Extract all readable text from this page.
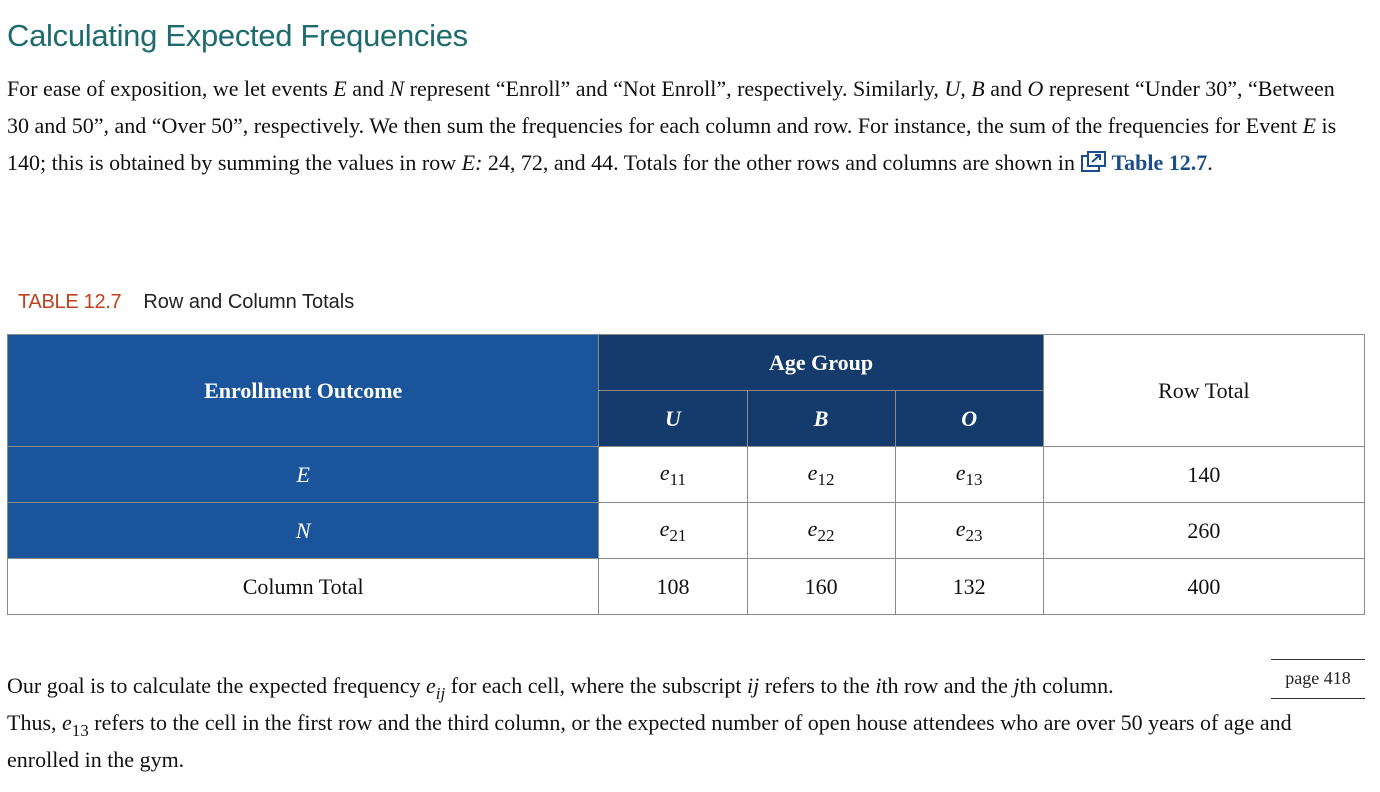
Calculating Expected Frequencies

For ease of exposition, we let events E and N represent “Enroll” and “Not Enroll”, respectively. Similarly, U, B and O represent “Under 30”, “Between 30 and 50”, and “Over 50”, respectively. We then sum the frequencies for each column and row. For instance, the sum of the frequencies for Event E is 140; this is obtained by summing the values in row E: 24, 72, and 44. Totals for the other rows and columns are shown in Table 12.7.

TABLE 12.7 Row and Column Totals
Enrollment Outcome	Age Group			Row Total
	U	B	O	
E	$e_{11}$	$e_{12}$	$e_{13}$	140
N	$e_{21}$	$e_{22}$	$e_{23}$	260
Column Total	108	160	132	400
page 418

Our goal is to calculate the expected frequency $e_{ij}$ for each cell, where the subscript ij refers to the ith row and the jth column.
Thus, $e_{13}$ refers to the cell in the first row and the third column, or the expected number of open house attendees who are over 50 years of age and enrolled in the gym.
